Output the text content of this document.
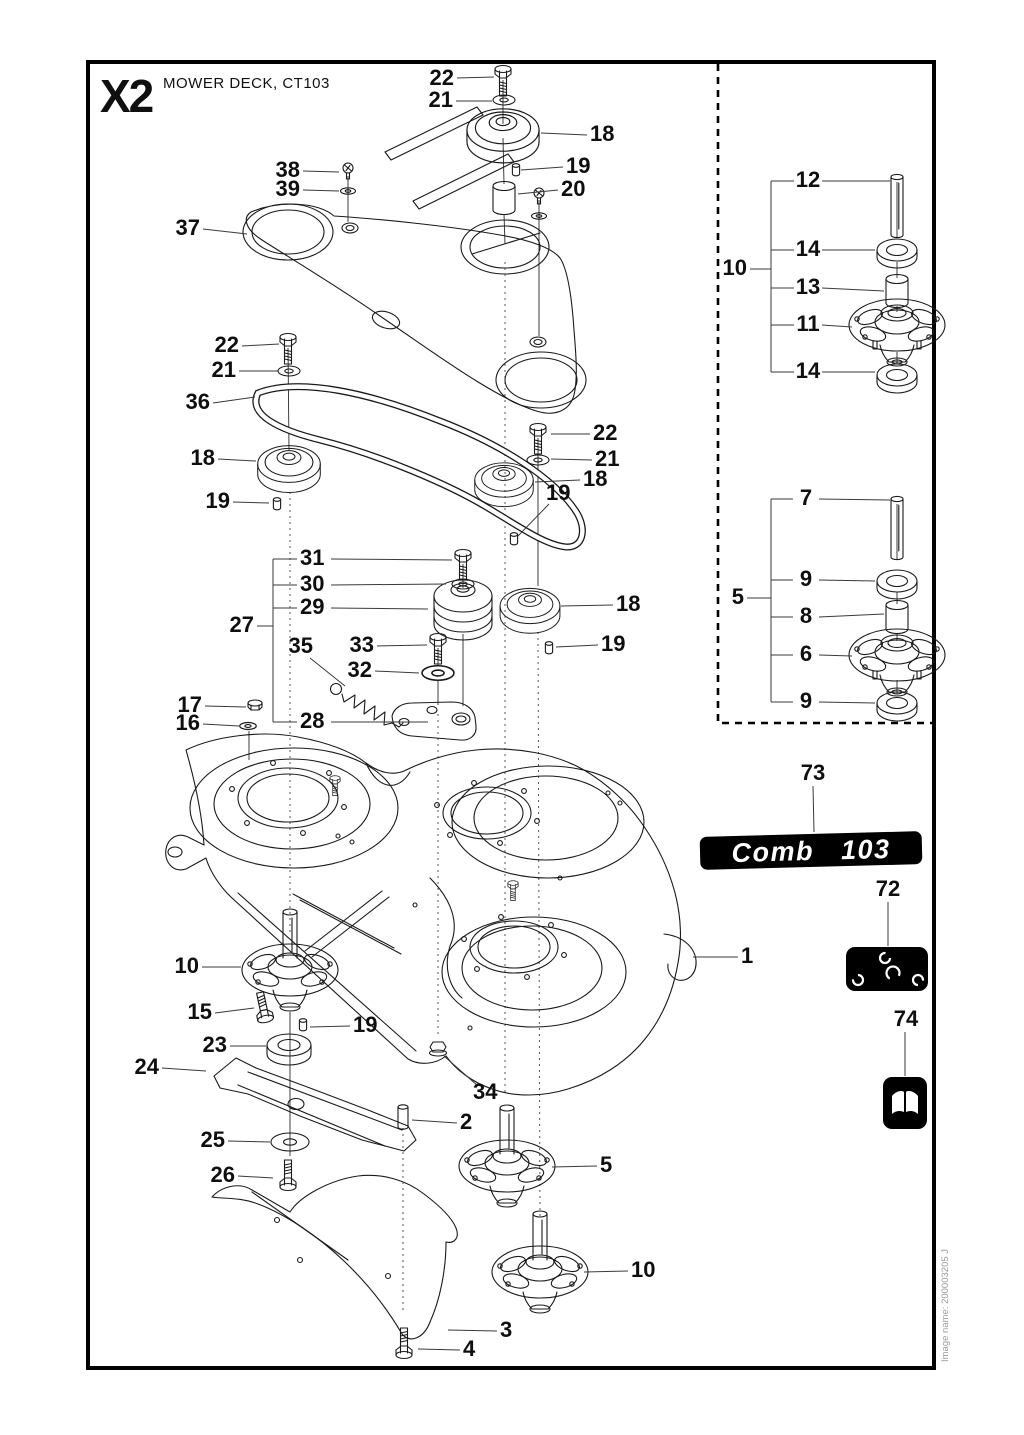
X2 MOWER DECK, CT103
Comb 103
Image name: 200003205 J
22
21
18
19
20
38
39
37
22
21
36
18
19
22
21
18
19
31
30
29
27
35 33
32
28
18
19
17
16
12
14
10
13
11
14
7
9
5
8
6
9
10
15
19
23
24
25
26
34
2
5
10
3
4
1
73
72
74
